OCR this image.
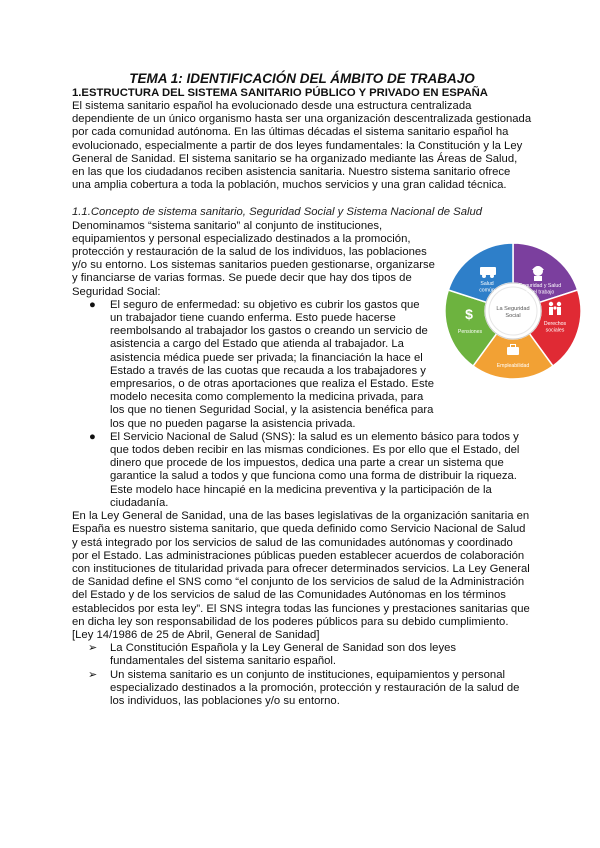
TEMA 1: IDENTIFICACIÓN DEL ÁMBITO DE TRABAJO

1.ESTRUCTURA DEL SISTEMA SANITARIO PÚBLICO Y PRIVADO EN ESPAÑA

El sistema sanitario español ha evolucionado desde una estructura centralizada dependiente de un único organismo hasta ser una organización descentralizada gestionada por cada comunidad autónoma. En las últimas décadas el sistema sanitario español ha evolucionado, especialmente a partir de dos leyes fundamentales: la Constitución y la Ley General de Sanidad. El sistema sanitario se ha organizado mediante las Áreas de Salud, en las que los ciudadanos reciben asistencia sanitaria. Nuestro sistema sanitario ofrece una amplia cobertura a toda la población, muchos servicios y una gran calidad técnica.

1.1.Concepto de sistema sanitario, Seguridad Social y Sistema Nacional de Salud

Denominamos “sistema sanitario” al conjunto de instituciones, equipamientos y personal especializado destinados a la promoción, protección y restauración de la salud de los individuos, las poblaciones y/o su entorno. Los sistemas sanitarios pueden gestionarse, organizarse y financiarse de varias formas. Se puede decir que hay dos tipos de Seguridad Social:

● El seguro de enfermedad: su objetivo es cubrir los gastos que un trabajador tiene cuando enferma. Esto puede hacerse reembolsando al trabajador los gastos o creando un servicio de asistencia a cargo del Estado que atienda al trabajador. La asistencia médica puede ser privada; la financiación la hace el Estado a través de las cuotas que recauda a los trabajadores y empresarios, o de otras aportaciones que realiza el Estado. Este modelo necesita como complemento la medicina privada, para los que no tienen Seguridad Social, y la asistencia benéfica para los que no pueden pagarse la asistencia privada.
● El Servicio Nacional de Salud (SNS): la salud es un elemento básico para todos y que todos deben recibir en las mismas condiciones. Es por ello que el Estado, del dinero que procede de los impuestos, dedica una parte a crear un sistema que garantice la salud a todos y que funciona como una forma de distribuir la riqueza. Este modelo hace hincapié en la medicina preventiva y la participación de la ciudadanía.

En la Ley General de Sanidad, una de las bases legislativas de la organización sanitaria en España es nuestro sistema sanitario, que queda definido como Servicio Nacional de Salud y está integrado por los servicios de salud de las comunidades autónomas y coordinado por el Estado. Las administraciones públicas pueden establecer acuerdos de colaboración con instituciones de titularidad privada para ofrecer determinados servicios. La Ley General de Sanidad define el SNS como “el conjunto de los servicios de salud de la Administración del Estado y de los servicios de salud de las Comunidades Autónomas en los términos establecidos por esta ley”. El SNS integra todas las funciones y prestaciones sanitarias que en dicha ley son responsabilidad de los poderes públicos para su debido cumplimiento. [Ley 14/1986 de 25 de Abril, General de Sanidad]

➢ La Constitución Española y la Ley General de Sanidad son dos leyes fundamentales del sistema sanitario español.
➢ Un sistema sanitario es un conjunto de instituciones, equipamientos y personal especializado destinados a la promoción, protección y restauración de la salud de los individuos, las poblaciones y/o su entorno.
La Seguridad
Social
$
Seguridad y Salud
en el trabajo
Derechos
sociales
Empleabilidad
Pensiones
Salud
común
